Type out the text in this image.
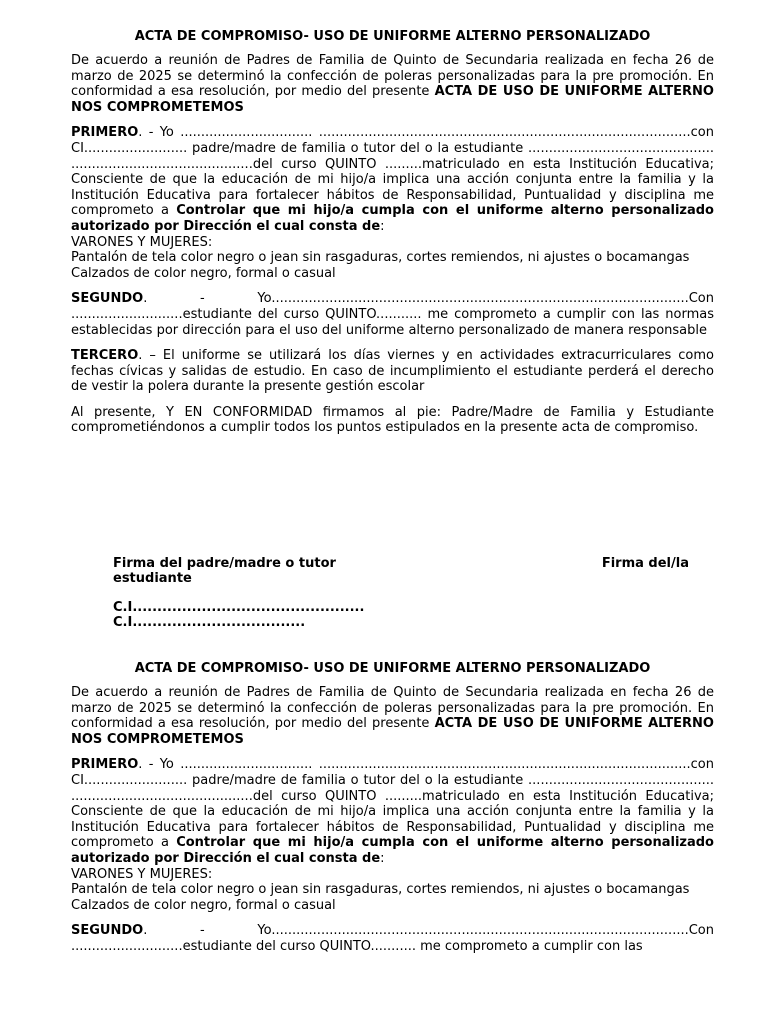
ACTA DE COMPROMISO- USO DE UNIFORME ALTERNO PERSONALIZADO

De acuerdo a reunión de Padres de Familia de Quinto de Secundaria realizada en fecha 26 de marzo de 2025 se determinó la confección de poleras personalizadas para la pre promoción. En conformidad a esa resolución, por medio del presente ACTA DE USO DE UNIFORME ALTERNO NOS COMPROMETEMOS

PRIMERO. - Yo ................................ ..........................................................................................con CI......................... padre/madre de familia o tutor del o la estudiante ............................................. ............................................del curso QUINTO .........matriculado en esta Institución Educativa; Consciente de que la educación de mi hijo/a implica una acción conjunta entre la familia y la Institución Educativa para fortalecer hábitos de Responsabilidad, Puntualidad y disciplina me comprometo a Controlar que mi hijo/a cumpla con el uniforme alterno personalizado autorizado por Dirección el cual consta de:

VARONES Y MUJERES:

Pantalón de tela color negro o jean sin rasgaduras, cortes remiendos, ni ajustes o bocamangas

Calzados de color negro, formal o casual

SEGUNDO. - Yo.....................................................................................................Con ...........................estudiante del curso QUINTO........... me comprometo a cumplir con las normas establecidas por dirección para el uso del uniforme alterno personalizado de manera responsable

TERCERO. – El uniforme se utilizará los días viernes y en actividades extracurriculares como fechas cívicas y salidas de estudio. En caso de incumplimiento el estudiante perderá el derecho de vestir la polera durante la presente gestión escolar

Al presente, Y EN CONFORMIDAD firmamos al pie: Padre/Madre de Familia y Estudiante comprometiéndonos a cumplir todos los puntos estipulados en la presente acta de compromiso.

Firma del padre/madre o tutor	Firma del/la
estudiante
C.I...............................................
C.I...................................
ACTA DE COMPROMISO- USO DE UNIFORME ALTERNO PERSONALIZADO

De acuerdo a reunión de Padres de Familia de Quinto de Secundaria realizada en fecha 26 de marzo de 2025 se determinó la confección de poleras personalizadas para la pre promoción. En conformidad a esa resolución, por medio del presente ACTA DE USO DE UNIFORME ALTERNO NOS COMPROMETEMOS

PRIMERO. - Yo ................................ ..........................................................................................con CI......................... padre/madre de familia o tutor del o la estudiante ............................................. ............................................del curso QUINTO .........matriculado en esta Institución Educativa; Consciente de que la educación de mi hijo/a implica una acción conjunta entre la familia y la Institución Educativa para fortalecer hábitos de Responsabilidad, Puntualidad y disciplina me comprometo a Controlar que mi hijo/a cumpla con el uniforme alterno personalizado autorizado por Dirección el cual consta de:

VARONES Y MUJERES:

Pantalón de tela color negro o jean sin rasgaduras, cortes remiendos, ni ajustes o bocamangas

Calzados de color negro, formal o casual

SEGUNDO. - Yo.....................................................................................................Con ...........................estudiante del curso QUINTO........... me comprometo a cumplir con las
